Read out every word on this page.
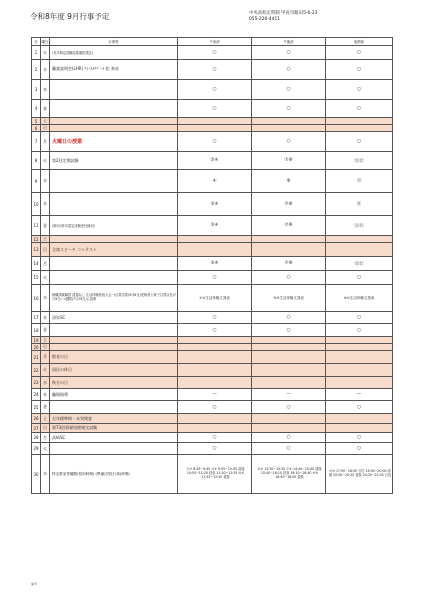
令和8年度 9月行事予定	中央高校定時制 甲府市飯田5-6-23
055-226-4411
日	曜日	行事等	午前部	午後部	夜間部
1	火	(長月制定試験結果通知発送)	○	○	○
2	水	職業説明会(LHR) ﾌｧｰｽﾄﾘｿﾞｰﾄ 松 奏音	○	○	○
3	木		○	○	○
4	金		○	○	○
5	土				
6	日				
7	月	火曜日の授業	○	○	○
8	火	第2回定期試験	③④	⑦⑧	⑪⑫
9	水		④	⑧	⑫
10	木		③④	⑦⑧	⑪
11	金	(第2回高卒認定試験受付締切)	③④	⑦⑧	⑪⑫
12	土				
13	日	全商スピーチ コンテスト			
14	月		③④	⑦⑧	⑪⑫
15	火		○	○	○
16	水	就職試験解禁 清掃なし 生活体験発表大会 →百貨店業(9月8日)受検者と就で百貨店長(7月9日) →週間(7月29日)に説明	①②生活体験文発表	⑤⑥生活体験文発表	⑨⑩生活体験文発表
17	木	清泉SC	○	○	○
18	金		○	○	○
19	土				
20	日				
21	月	敬老の日			
22	火	国民の休日			
23	水	秋分の日			
24	木	職場指導	—	—	—
25	金		○	○	○
26	土	全年標準検・未実検査			
27	日	第73回情報処理検定試験			
28	月	高崎SC	○	○	○
29	火		○	○	○
30	水	特定教室等観閲(校別時制) (準備)学校行事(時間)	①② 8:45~9:45 ③④ 9:55~10:55 清掃 10:55~11:20 昼食 11:20~11:55 ⑤⑥ 11:55~12:20 退校	⑤⑥ 13:30~14:30 ⑦⑧ 14:40~15:40 清掃 15:40~16:10 昼食 16:10~16:40 ⑨⑩ 16:40~18:00 退校	⑨⑩ 17:50~18:50 ⑪⑫ 19:00~20:00 清掃 20:00~20:30 退校 20:30~21:00 日直
備考
